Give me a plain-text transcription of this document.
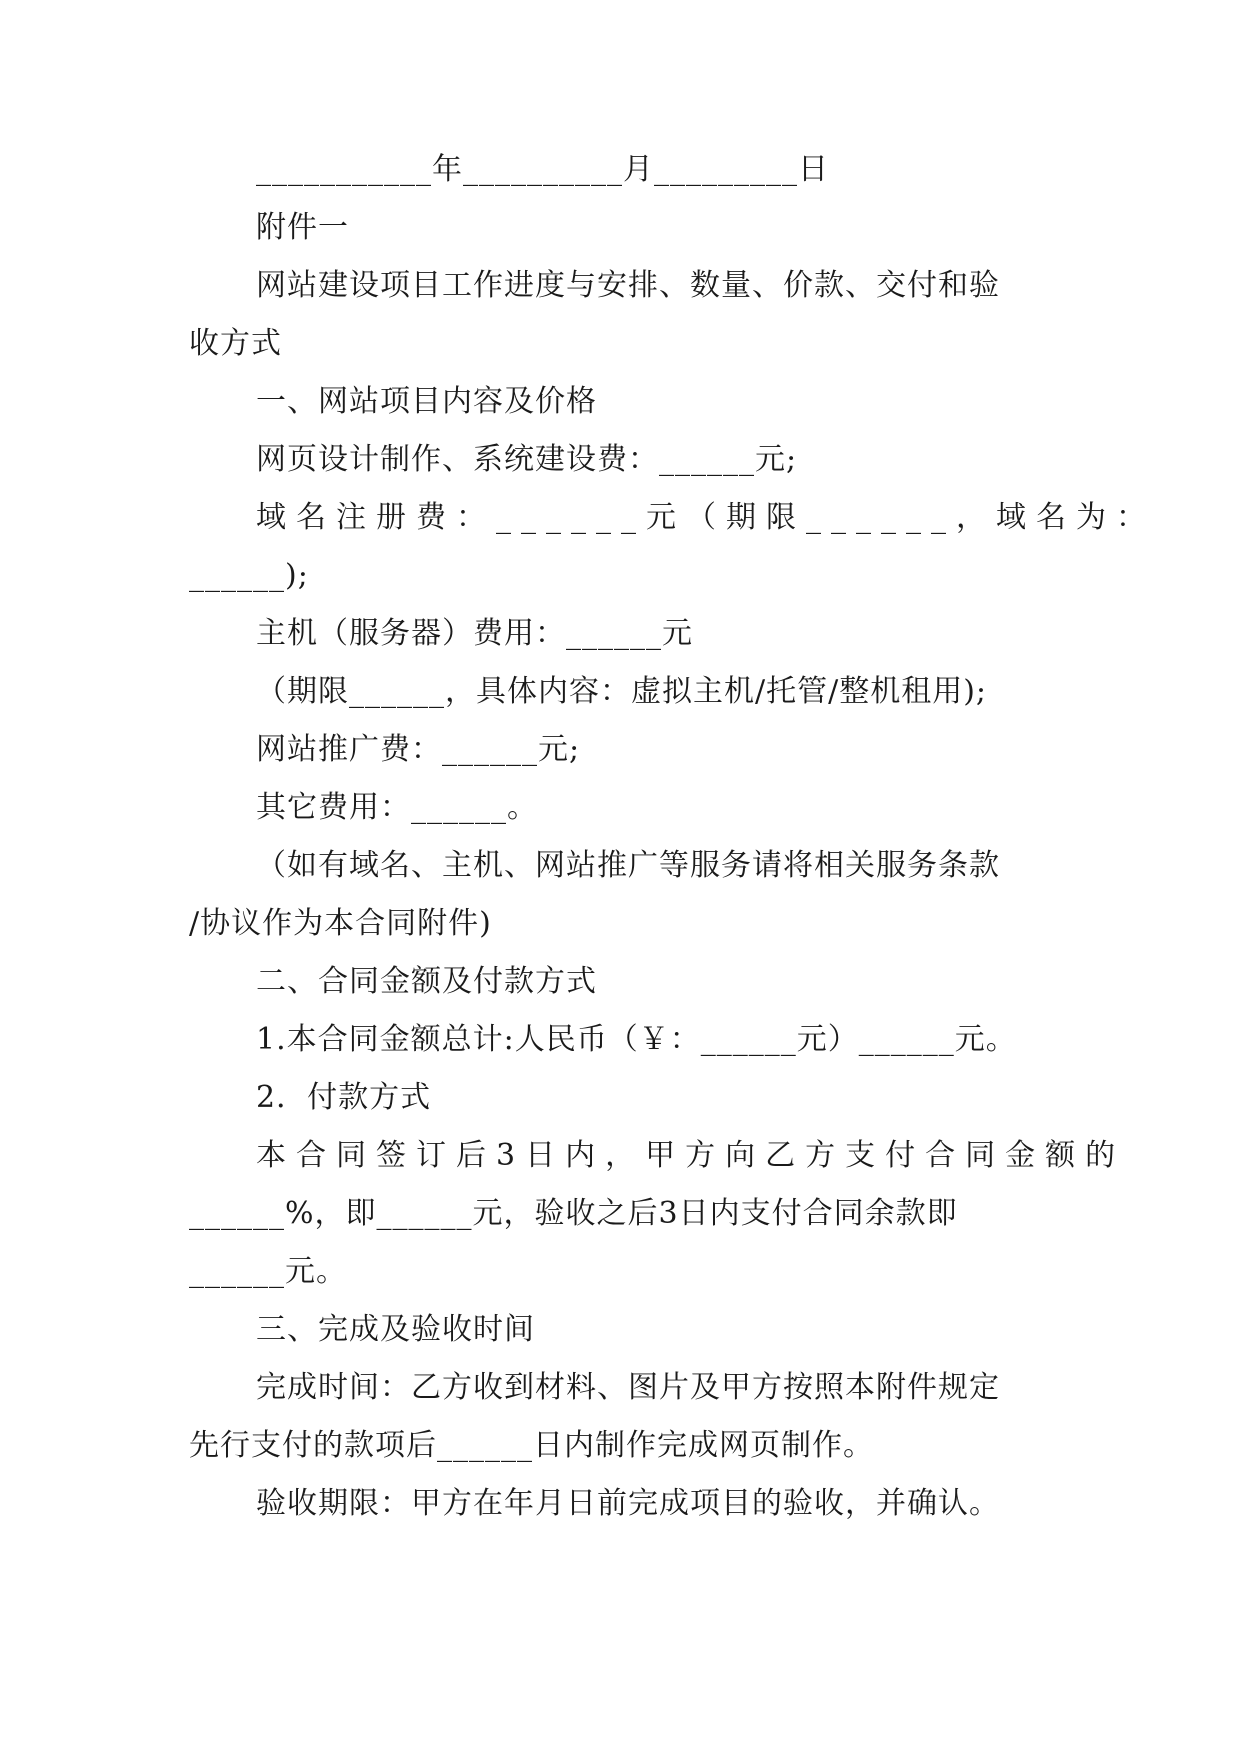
___________年__________月_________日
附件一
网站建设项目工作进度与安排、数量、价款、交付和验
收方式
一、网站项目内容及价格
网页设计制作、系统建设费：______元;
域名注册费：______元（期限______，域名为：
______);
主机（服务器）费用：______元
（期限______，具体内容：虚拟主机/托管/整机租用);
网站推广费：______元;
其它费用：______。
（如有域名、主机、网站推广等服务请将相关服务条款
/协议作为本合同附件)
二、合同金额及付款方式
1.本合同金额总计:人民币（￥：______元）______元。
2．付款方式
本合同签订后3日内，甲方向乙方支付合同金额的
______%，即______元，验收之后3日内支付合同余款即
______元。
三、完成及验收时间
完成时间：乙方收到材料、图片及甲方按照本附件规定
先行支付的款项后______日内制作完成网页制作。
验收期限：甲方在年月日前完成项目的验收，并确认。
